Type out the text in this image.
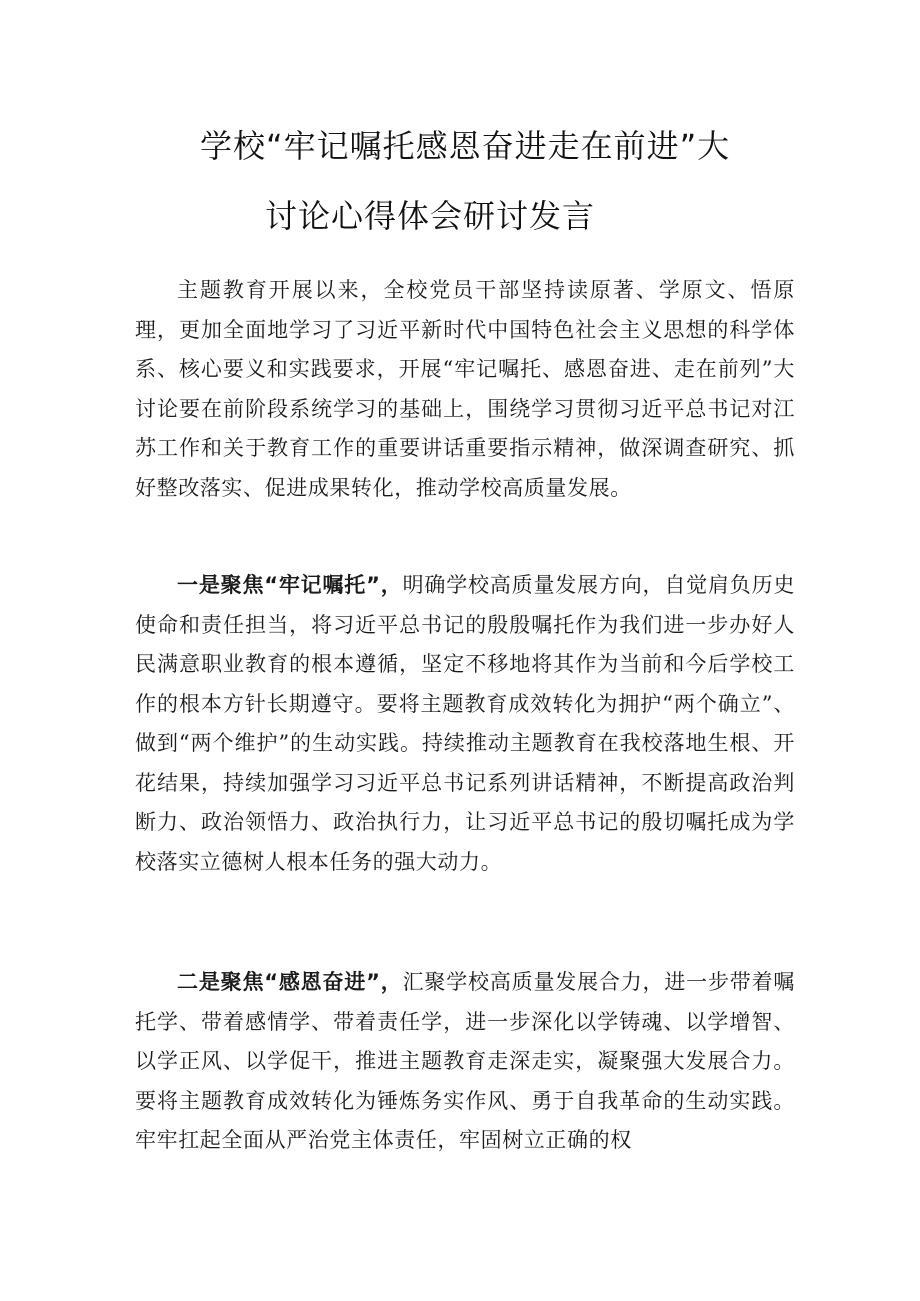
学校“牢记嘱托感恩奋进走在前进”大
讨论心得体会研讨发言

主题教育开展以来，全校党员干部坚持读原著、学原文、悟原理，更加全面地学习了习近平新时代中国特色社会主义思想的科学体系、核心要义和实践要求，开展“牢记嘱托、感恩奋进、走在前列”大讨论要在前阶段系统学习的基础上，围绕学习贯彻习近平总书记对江苏工作和关于教育工作的重要讲话重要指示精神，做深调查研究、抓好整改落实、促进成果转化，推动学校高质量发展。

一是聚焦“牢记嘱托”，明确学校高质量发展方向，自觉肩负历史使命和责任担当，将习近平总书记的殷殷嘱托作为我们进一步办好人民满意职业教育的根本遵循，坚定不移地将其作为当前和今后学校工作的根本方针长期遵守。要将主题教育成效转化为拥护“两个确立”、做到“两个维护”的生动实践。持续推动主题教育在我校落地生根、开花结果，持续加强学习习近平总书记系列讲话精神，不断提高政治判断力、政治领悟力、政治执行力，让习近平总书记的殷切嘱托成为学校落实立德树人根本任务的强大动力。

二是聚焦“感恩奋进”，汇聚学校高质量发展合力，进一步带着嘱托学、带着感情学、带着责任学，进一步深化以学铸魂、以学增智、以学正风、以学促干，推进主题教育走深走实，凝聚强大发展合力。要将主题教育成效转化为锤炼务实作风、勇于自我革命的生动实践。牢牢扛起全面从严治党主体责任，牢固树立正确的权
